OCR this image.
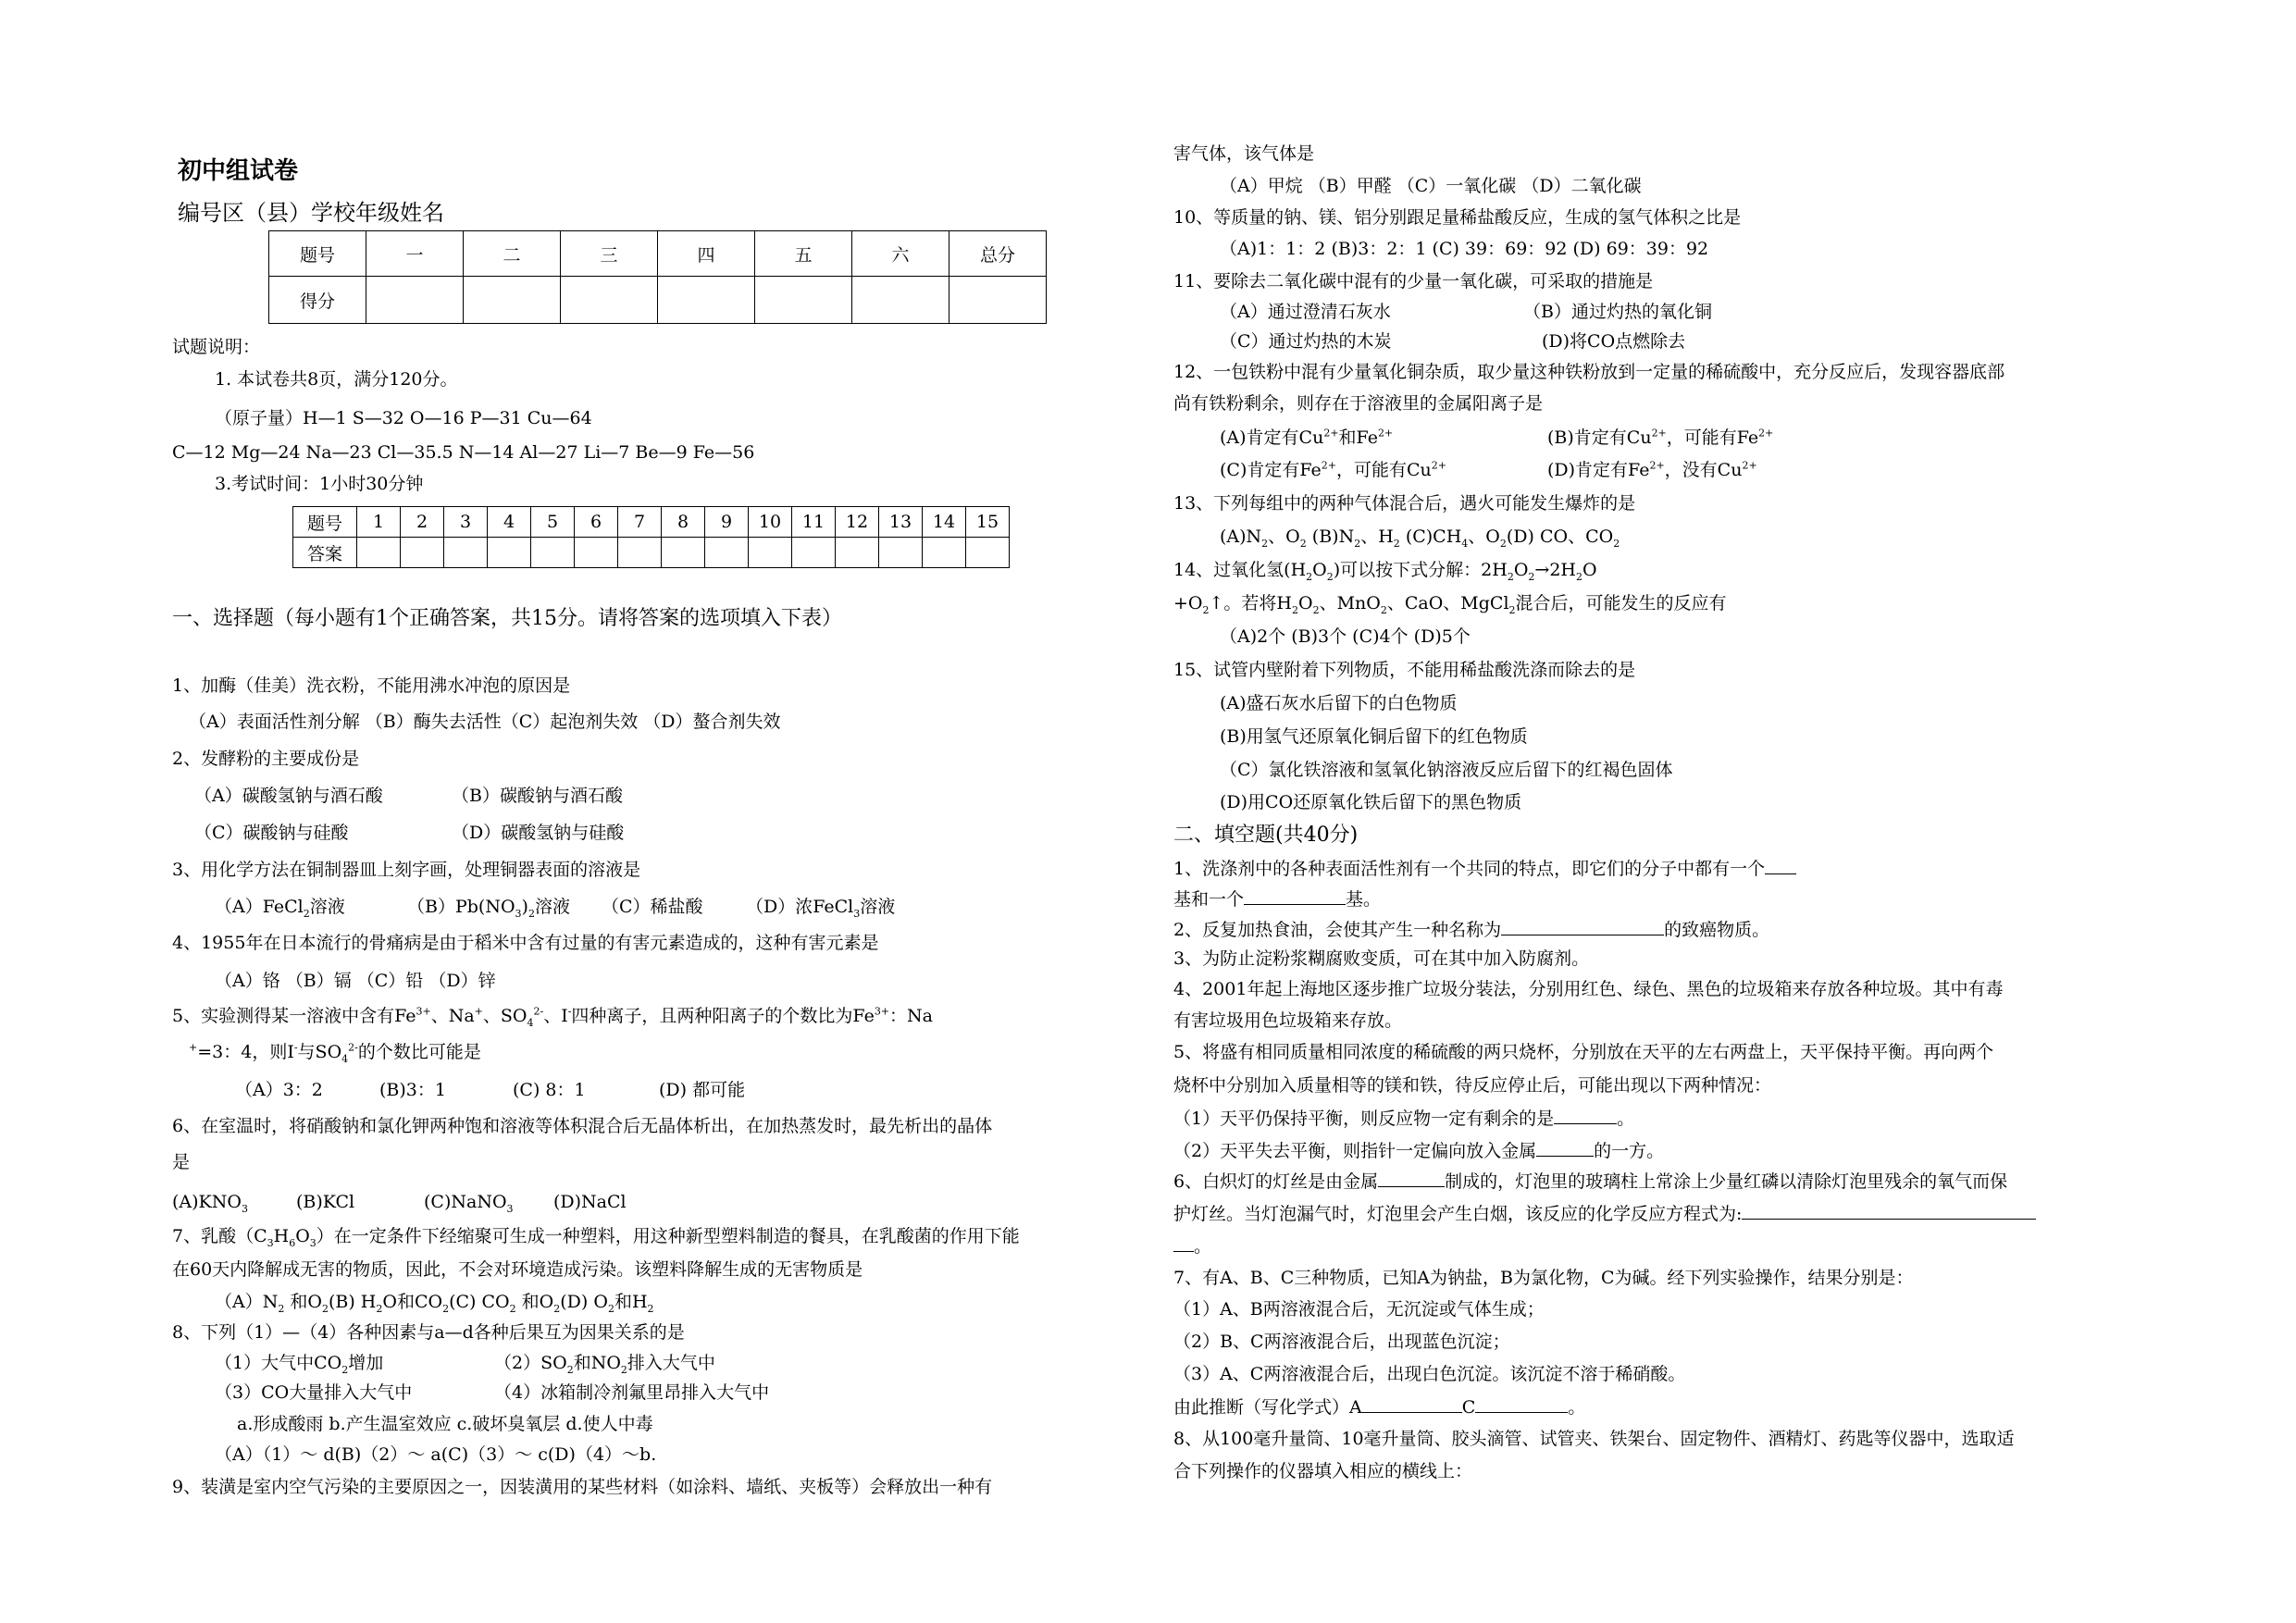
初中组试卷
编号区（县）学校年级姓名
题号	一	二	三	四	五	六	总分
得分							
试题说明：
1. 本试卷共8页，满分120分。
（原子量）H—1 S—32 O—16 P—31 Cu—64
C—12 Mg—24 Na—23 Cl—35.5 N—14 Al—27 Li—7 Be—9 Fe—56
3.考试时间：1小时30分钟
题号	1	2	3	4	5	6	7	8	9	10	11	12	13	14	15
答案															
一、选择题（每小题有1个正确答案，共15分。请将答案的选项填入下表）
1、加酶（佳美）洗衣粉，不能用沸水冲泡的原因是
（A）表面活性剂分解 （B）酶失去活性（C）起泡剂失效 （D）螯合剂失效
2、发酵粉的主要成份是
（A）碳酸氢钠与酒石酸	（B）碳酸钠与酒石酸
（C）碳酸钠与硅酸	（D）碳酸氢钠与硅酸
3、用化学方法在铜制器皿上刻字画，处理铜器表面的溶液是
（A）FeCl$_2$溶液	$(B)Pb(NO_3)_2$溶液 （C）稀盐酸 （D）浓FeCl$_3$溶液
4、1955年在日本流行的骨痛病是由于稻米中含有过量的有害元素造成的，这种有害元素是
（A）铬 （B）镉 （C）铅 （D）锌
5、实验测得某一溶液中含有$Fe^{3+}$、Na+、$SO_4^{2-}$、I-四种离子，且两种阳离子的个数比为$Fe^{3+}$：Na
+=3：4，则I-与$SO_4^{2-}$的个数比可能是
（A）3：2	(B)3：1	(C) 8：1	(D) 都可能
6、在室温时，将硝酸钠和氯化钾两种饱和溶液等体积混合后无晶体析出，在加热蒸发时，最先析出的晶体
是
$(A)KNO_3$	(B)KCl	(C)NaNO$_3$ (D)NaCl
7、乳酸$(C_3H_6O_3)$在一定条件下经缩聚可生成一种塑料，用这种新型塑料制造的餐具，在乳酸菌的作用下能
在60天内降解成无害的物质，因此，不会对环境造成污染。该塑料降解生成的无害物质是
$(A)N_2$ 和$O_2(B)$ $H_2O$和$CO_2(C)$ $CO_2$ 和$O_2(D)$ $O_2$和$H_2$
8、下列（1）—（4）各种因素与a—d各种后果互为因果关系的是
（1）大气中$CO_2$增加	$(2)SO_2$和$NO_2$排入大气中
（3）CO大量排入大气中	（4）冰箱制冷剂氟里昂排入大气中
a.形成酸雨 b.产生温室效应 c.破坏臭氧层 d.使人中毒
（A）（1）～ d(B)（2）～ a(C)（3）～ c(D)（4）～b.
9、装潢是室内空气污染的主要原因之一，因装潢用的某些材料（如涂料、墙纸、夹板等）会释放出一种有
害气体，该气体是
（A）甲烷 （B）甲醛 （C）一氧化碳 （D）二氧化碳
10、等质量的钠、镁、铝分别跟足量稀盐酸反应，生成的氢气体积之比是
（A)1：1：2 (B)3：2：1 (C) 39：69：92 (D) 69：39：92
11、要除去二氧化碳中混有的少量一氧化碳，可采取的措施是
（A）通过澄清石灰水	（B）通过灼热的氧化铜
（C）通过灼热的木炭	(D)将CO点燃除去
12、一包铁粉中混有少量氧化铜杂质，取少量这种铁粉放到一定量的稀硫酸中，充分反应后，发现容器底部
尚有铁粉剩余，则存在于溶液里的金属阳离子是
(A)肯定有$Cu^{2+}$和$Fe^{2+}$	(B)肯定有$Cu^{2+}$，可能有$Fe^{2+}$
(C)肯定有$Fe^{2+}$，可能有$Cu^{2+}$	(D)肯定有$Fe^{2+}$，没有$Cu^{2+}$
13、下列每组中的两种气体混合后，遇火可能发生爆炸的是
$(A)N_2$、$O_2$ $(B)N_2$、$H_2$ $(C)CH_4$、$O_2(D)$ CO、$CO_2$
14、过氧化氢$(H_2O_2)$可以按下式分解：$2H_2O_2\to 2H_2O$
$+O_2↑$。若将$H_2O_2$、MnO$_2$、CaO、MgCl$_2$混合后，可能发生的反应有
（A)2个 (B)3个 (C)4个 (D)5个
15、试管内壁附着下列物质，不能用稀盐酸洗涤而除去的是
(A)盛石灰水后留下的白色物质
(B)用氢气还原氧化铜后留下的红色物质
（C）氯化铁溶液和氢氧化钠溶液反应后留下的红褐色固体
(D)用CO还原氧化铁后留下的黑色物质
二、填空题(共40分)
1、洗涤剂中的各种表面活性剂有一个共同的特点，即它们的分子中都有一个
基和一个	基。
2、反复加热食油，会使其产生一种名称为	的致癌物质。
3、为防止淀粉浆糊腐败变质，可在其中加入防腐剂。
4、2001年起上海地区逐步推广垃圾分装法，分别用红色、绿色、黑色的垃圾箱来存放各种垃圾。其中有毒
有害垃圾用色垃圾箱来存放。
5、将盛有相同质量相同浓度的稀硫酸的两只烧杯，分别放在天平的左右两盘上，天平保持平衡。再向两个
烧杯中分别加入质量相等的镁和铁，待反应停止后，可能出现以下两种情况：
（1）天平仍保持平衡，则反应物一定有剩余的是	。
（2）天平失去平衡，则指针一定偏向放入金属	的一方。
6、白炽灯的灯丝是由金属	制成的，灯泡里的玻璃柱上常涂上少量红磷以清除灯泡里残余的氧气而保
护灯丝。当灯泡漏气时，灯泡里会产生白烟，该反应的化学反应方程式为:
。
7、有A、B、C三种物质，已知A为钠盐，B为氯化物，C为碱。经下列实验操作，结果分别是：
（1）A、B两溶液混合后，无沉淀或气体生成；
（2）B、C两溶液混合后，出现蓝色沉淀；
（3）A、C两溶液混合后，出现白色沉淀。该沉淀不溶于稀硝酸。
由此推断（写化学式）A	C	。
8、从100毫升量筒、10毫升量筒、胶头滴管、试管夹、铁架台、固定物件、酒精灯、药匙等仪器中，选取适
合下列操作的仪器填入相应的横线上：
